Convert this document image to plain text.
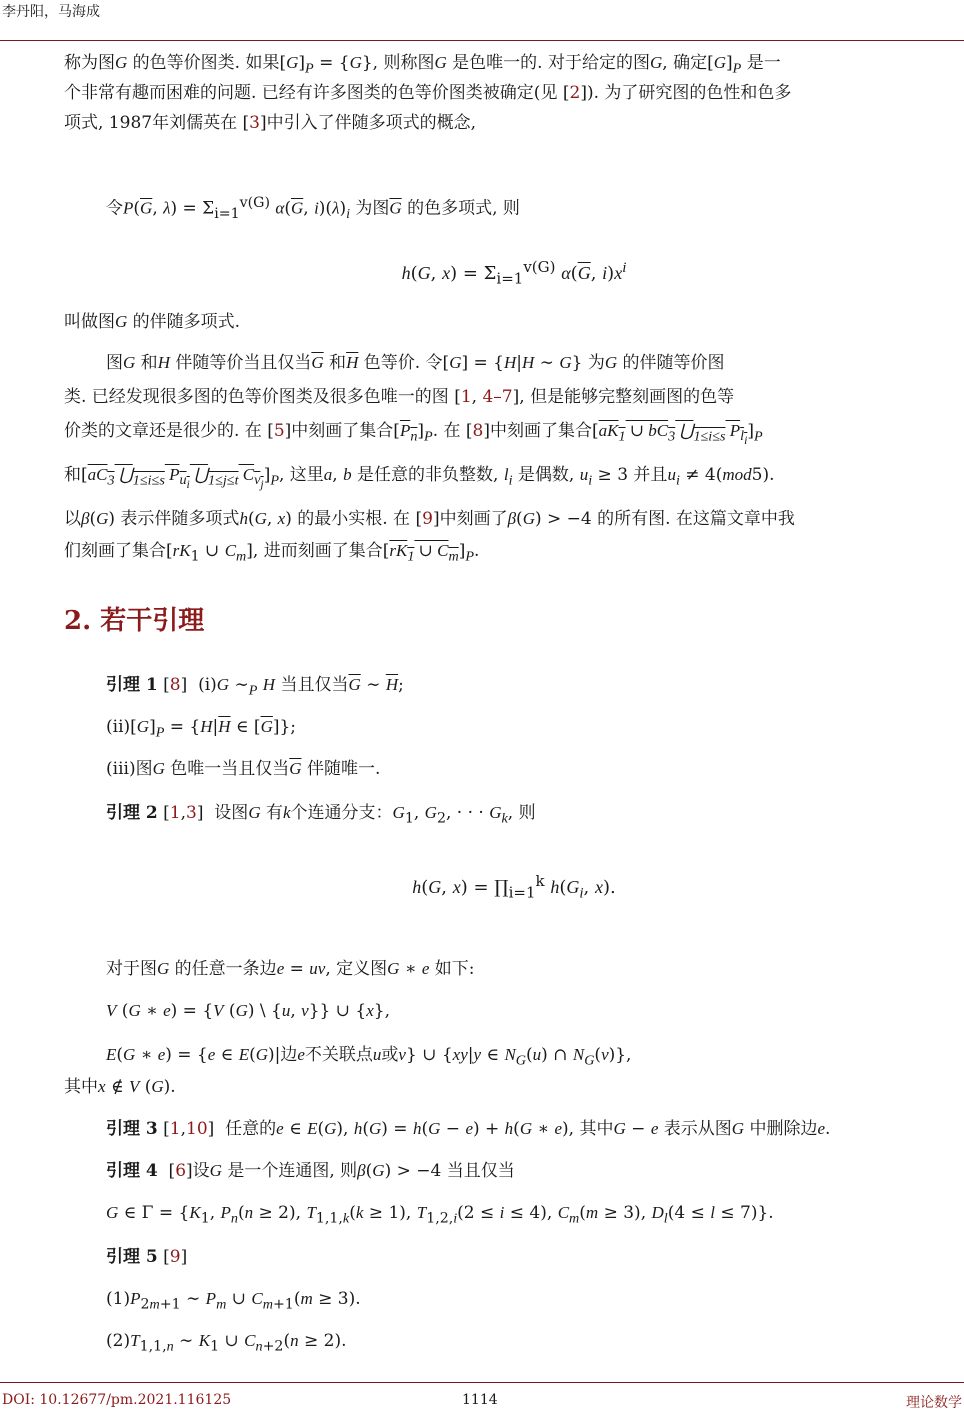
李丹阳，马海成
称为图G 的色等价图类. 如果$[G]_P = \{G\}$, 则称图G 是色唯一的. 对于给定的图G, 确定$[G]_P$ 是一
个非常有趣而困难的问题. 已经有许多图类的色等价图类被确定(见 [2]). 为了研究图的色性和色多
项式, 1987年刘儒英在 [3]中引入了伴随多项式的概念,
令$P(\overline{G}$, $\lambda) = \Sigma_{i=1}^{v(G)}$ $\alpha(\overline{G}$, $i)(\lambda)_i$ 为图$\overline{G}$ 的色多项式, 则
h(G, $x) = \Sigma_{i=1}^{v(G)}$ $\alpha(\overline{G}$, $i)x^i$
叫做图G 的伴随多项式.
图G 和H 伴随等价当且仅当$\overline{G}$ 和$\overline{H}$ 色等价. 令[G] = {H|H ∼ G} 为G 的伴随等价图
类. 已经发现很多图的色等价图类及很多色唯一的图 [1, 4–7], 但是能够完整刻画图的色等
价类的文章还是很少的. 在 [5]中刻画了集合$[P_n]_P$. 在 [8]中刻画了集合[$aK_1$ ∪ $bC_3$ $⋃_{1\le i\le s}$ $P_{l_i}]_P$
和[$aC_3$ $⋃_{1\le i\le s}$ $P_{u_i}$ $⋃_{1\le j\le t}$ $C_{v_j}]_P$, 这里a, b 是任意的非负整数, $l_i$ 是偶数, $u_i \ge 3$ 并且$u_i \ne 4(mod5)$.
以β(G) 表示伴随多项式h(G, x) 的最小实根. 在 [9]中刻画了β(G) > −4 的所有图. 在这篇文章中我
们刻画了集合[$rK_1$ ∪ $C_m$], 进而刻画了集合[$rK_1$ ∪ $C_m]_P$.
2. 若干引理
引理 1 [8]  (i)G $\sim_P$ H 当且仅当$\overline{G}$ ∼ $\overline{H}$;
$(ii)[G]_P = \{H|\overline{H}$ ∈ $[\overline{G}]$};
(iii)图G 色唯一当且仅当$\overline{G}$ 伴随唯一.
引理 2 [1,3]  设图G 有k个连通分支：$G_1$, $G_2$, · · · $G_k$, 则
h(G, $x) = \prod_{i=1}^k$ $h(G_i$, x).
对于图G 的任意一条边e = uv, 定义图G ∗ e 如下:
V (G ∗ e) = {V (G) \ {u, v}} ∪ {x},
E(G ∗ e) = {e ∈ E(G)|边e不关联点u或v} ∪ {xy|y ∈ $N_G(u)$ ∩ $N_G(v)$},
其中x ∉ V (G).
引理 3 [1,10]  任意的e ∈ E(G), h(G) = h(G − e) + h(G ∗ e), 其中G − e 表示从图G 中删除边e.
引理 4  [6]设G 是一个连通图, 则β(G) > −4 当且仅当
G ∈ $\Gamma = \{K_1$, $P_n(n \ge 2)$, $T_{1,1,k}(k \ge 1)$, $T_{1,2,i}(2 \le i \le 4)$, $C_m(m \ge 3)$, $D_l(4 \le l \le 7)$}.
引理 5 [9]
$(1)P_{2m+1}$ ∼ $P_m$ ∪ $C_{m+1}(m \ge 3)$.
$(2)T_{1,1,n}$ ∼ $K_1$ ∪ $C_{n+2}(n \ge 2)$.
DOI: 10.12677/pm.2021.116125	1114	理论数学
